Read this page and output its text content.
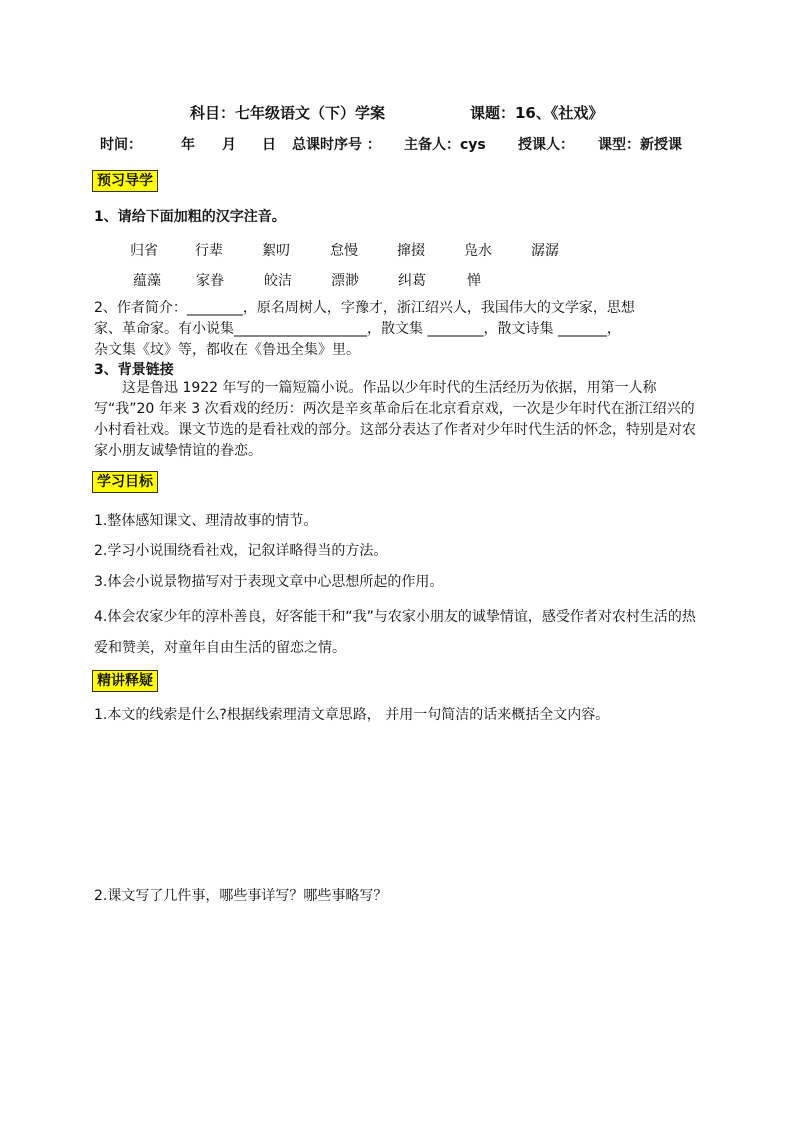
科目：七年级语文（下）学案	课题：16、《社戏》
时间：	年 月 日 总课时序号 ： 主备人：cys 授课人： 课型：新授课
预习导学
1、请给下面加粗的汉字注音。
归省	行辈	絮叨	怠慢	撺掇	凫水	潺潺
蕴藻	家眷	皎洁	漂渺	纠葛	惮
2、作者简介：________，原名周树人，字豫才，浙江绍兴人，我国伟大的文学家，思想
家、革命家。有小说集___________________，散文集 ________，散文诗集 _______，
杂文集《坟》等，都收在《鲁迅全集》里。
3、背景链接
这是鲁迅 1922 年写的一篇短篇小说。作品以少年时代的生活经历为依据，用第一人称写“我”20 年来 3 次看戏的经历：两次是辛亥革命后在北京看京戏，一次是少年时代在浙江绍兴的小村看社戏。课文节选的是看社戏的部分。这部分表达了作者对少年时代生活的怀念，特别是对农家小朋友诚挚情谊的眷恋。
学习目标
1.整体感知课文、理清故事的情节。
2.学习小说围绕看社戏，记叙详略得当的方法。
3.体会小说景物描写对于表现文章中心思想所起的作用。
4.体会农家少年的淳朴善良，好客能干和“我”与农家小朋友的诚挚情谊，感受作者对农村生活的热爱和赞美，对童年自由生活的留恋之情。
精讲释疑
1.本文的线索是什么?根据线索理清文章思路， 并用一句简洁的话来概括全文内容。
2.课文写了几件事，哪些事详写？哪些事略写？
